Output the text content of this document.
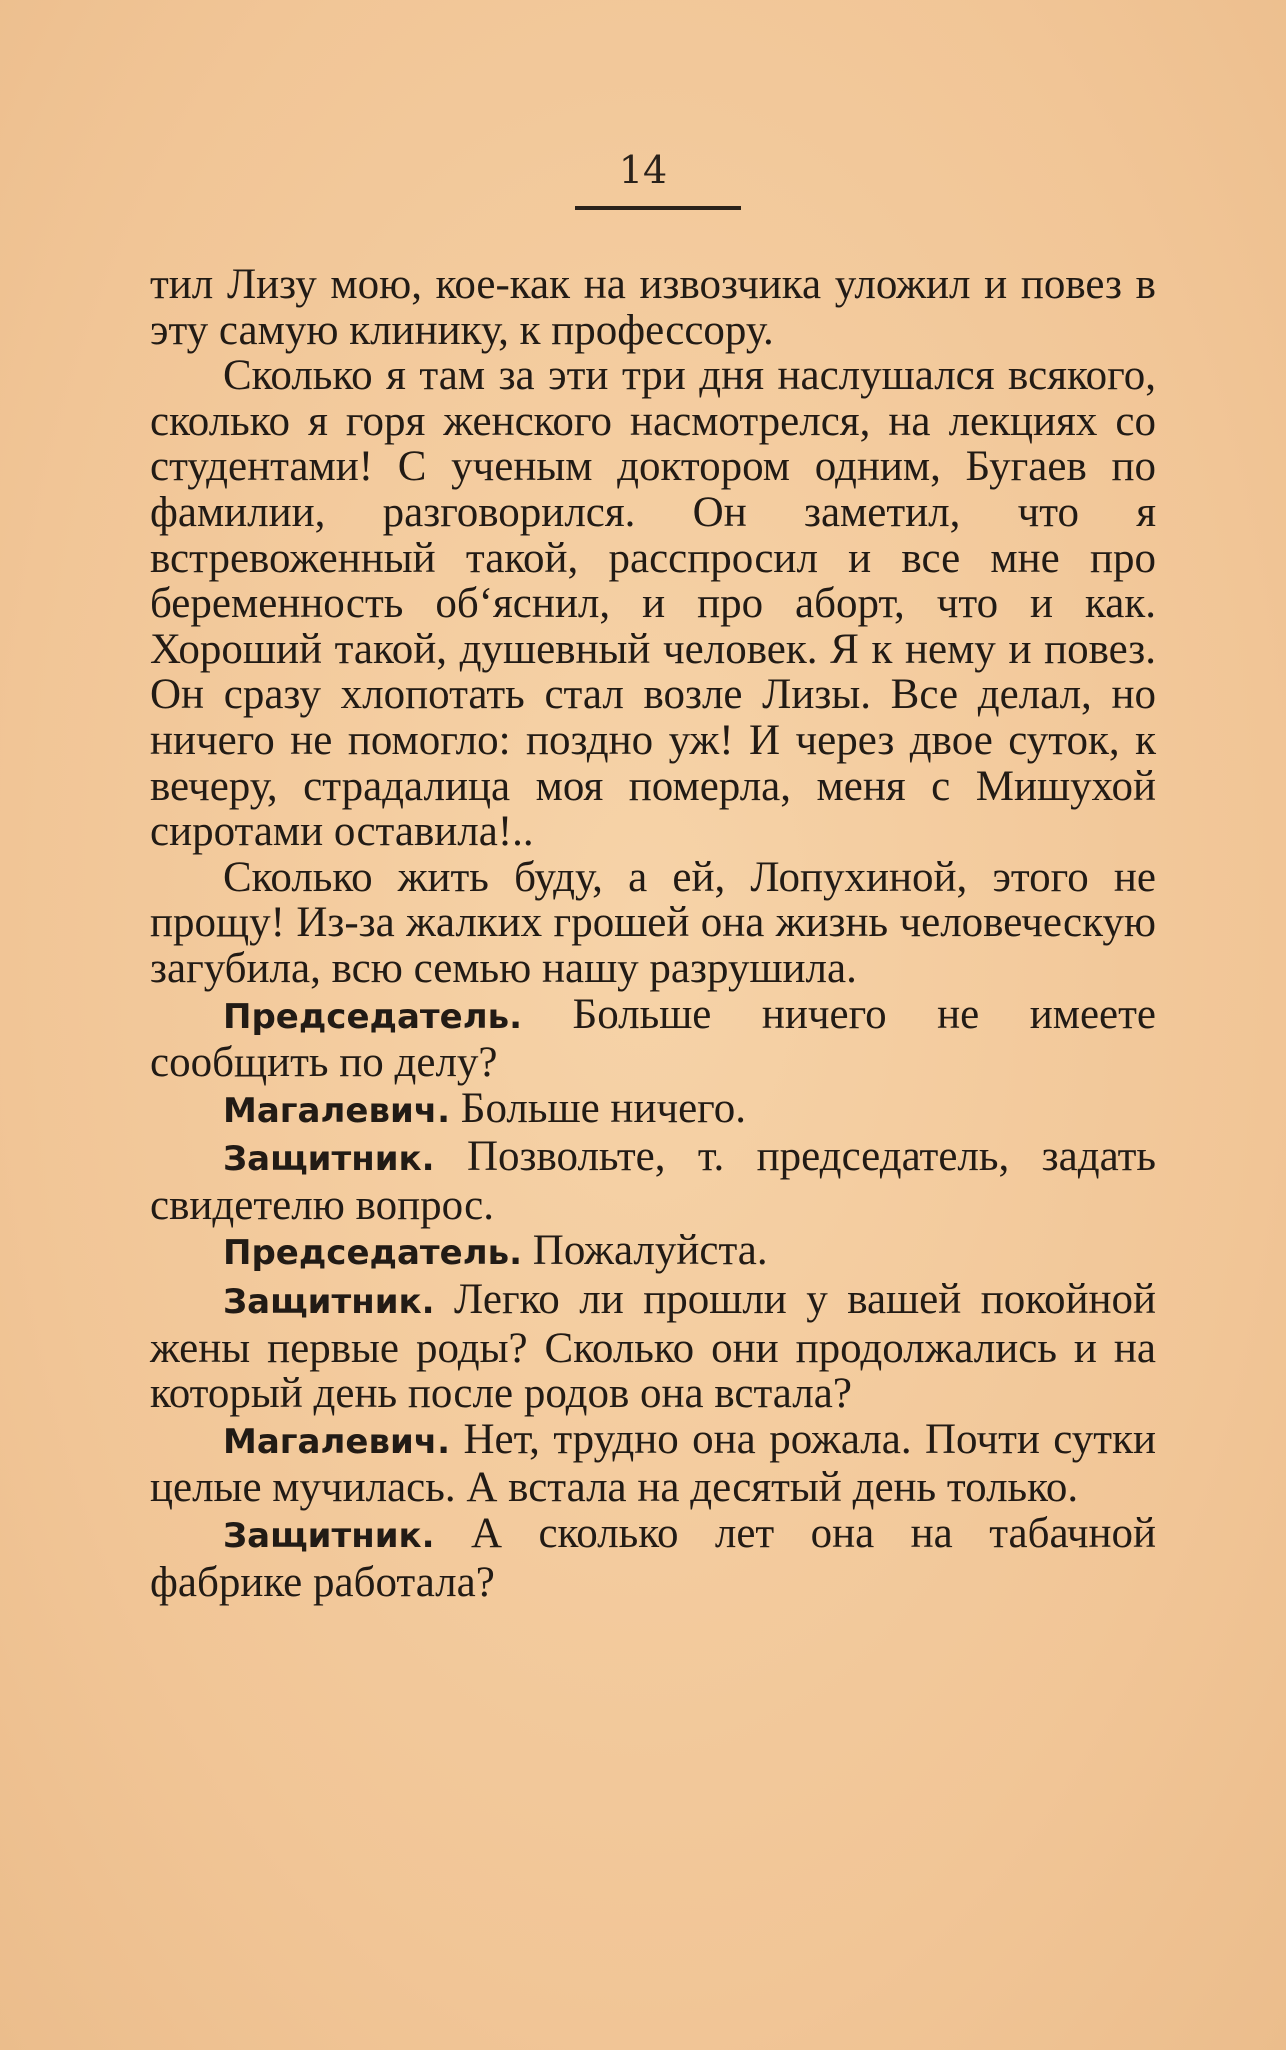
14

тил Лизу мою, кое-как на извозчика уложил и повез в эту самую клинику, к профессору.

Сколько я там за эти три дня наслушался всякого, сколько я горя женского насмотрелся, на лекциях со студентами! С ученым доктором одним, Бугаев по фамилии, разговорился. Он заметил, что я встревоженный такой, расспросил и все мне про беременность об‘яснил, и про аборт, что и как. Хороший такой, душевный человек. Я к нему и повез. Он сразу хлопотать стал возле Лизы. Все делал, но ничего не помогло: поздно уж! И через двое суток, к вечеру, страдалица моя померла, меня с Мишухой сиротами оставила!..

Сколько жить буду, а ей, Лопухиной, этого не прощу! Из-за жалких грошей она жизнь человеческую загубила, всю семью нашу разрушила.

Председатель. Больше ничего не имеете сообщить по делу?

Магалевич. Больше ничего.

Защитник. Позвольте, т. председатель, задать свидетелю вопрос.

Председатель. Пожалуйста.

Защитник. Легко ли прошли у вашей покойной жены первые роды? Сколько они продолжались и на который день после родов она встала?

Магалевич. Нет, трудно она рожала. Почти сутки целые мучилась. А встала на десятый день только.

Защитник. А сколько лет она на табачной фабрике работала?
